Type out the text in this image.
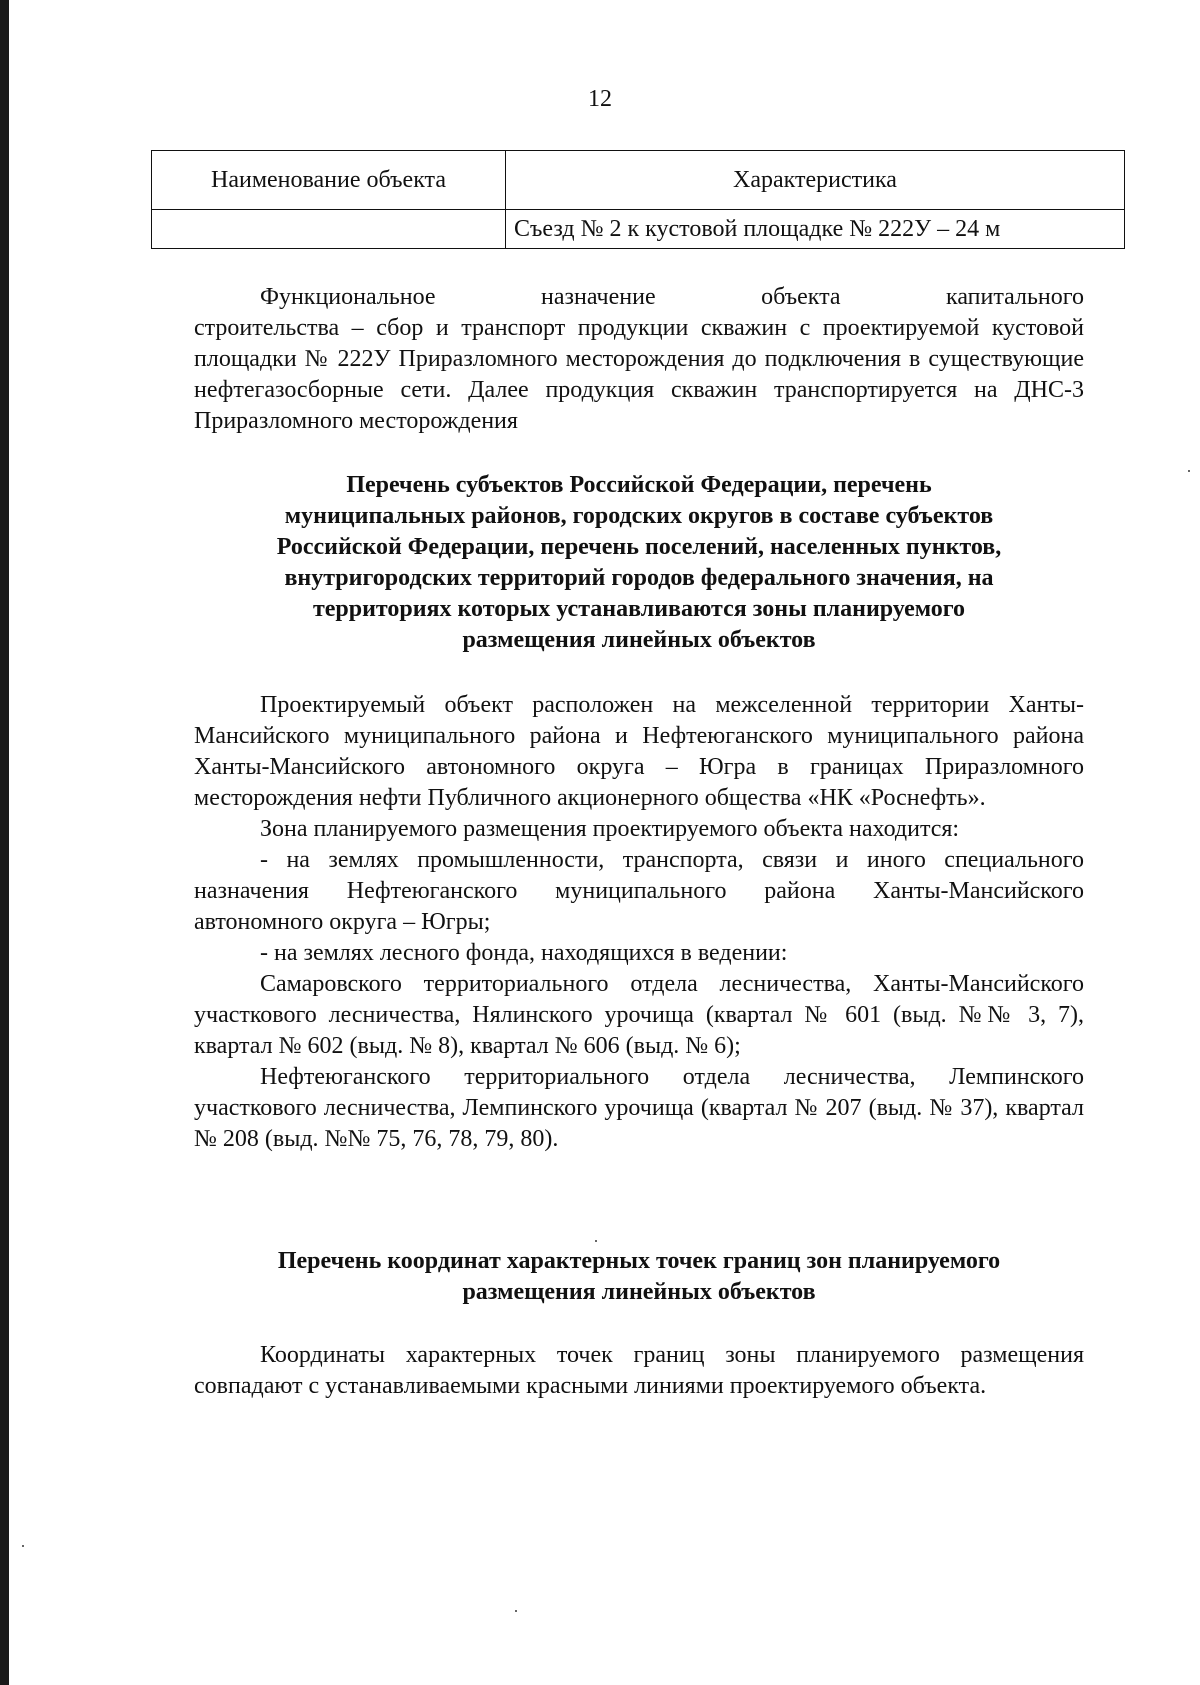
12
Наименование объекта	Характеристика
	Съезд № 2 к кустовой площадке № 222У – 24 м

Функциональное назначение объекта капитального

строительства – сбор и транспорт продукции скважин с проектируемой кустовой площадки № 222У Приразломного месторождения до подключения в существующие нефтегазосборные сети. Далее продукция скважин транспортируется на ДНС-3 Приразломного месторождения

Перечень субъектов Российской Федерации, перечень
муниципальных районов, городских округов в составе субъектов
Российской Федерации, перечень поселений, населенных пунктов,
внутригородских территорий городов федерального значения, на
территориях которых устанавливаются зоны планируемого
размещения линейных объектов

Проектируемый объект расположен на межселенной территории Ханты-Мансийского муниципального района и Нефтеюганского муниципального района Ханты-Мансийского автономного округа – Югра в границах Приразломного месторождения нефти Публичного акционерного общества «НК «Роснефть».

Зона планируемого размещения проектируемого объекта находится:

- на землях промышленности, транспорта, связи и иного специального назначения Нефтеюганского муниципального района Ханты-Мансийского автономного округа – Югры;

- на землях лесного фонда, находящихся в ведении:

Самаровского территориального отдела лесничества, Ханты-Мансийского участкового лесничества, Нялинского урочища (квартал № 601 (выд. №№ 3, 7), квартал № 602 (выд. № 8), квартал № 606 (выд. № 6);

Нефтеюганского территориального отдела лесничества, Лемпинского участкового лесничества, Лемпинского урочища (квартал № 207 (выд. № 37), квартал № 208 (выд. №№ 75, 76, 78, 79, 80).

Перечень координат характерных точек границ зон планируемого
размещения линейных объектов

Координаты характерных точек границ зоны планируемого размещения совпадают с устанавливаемыми красными линиями проектируемого объекта.
